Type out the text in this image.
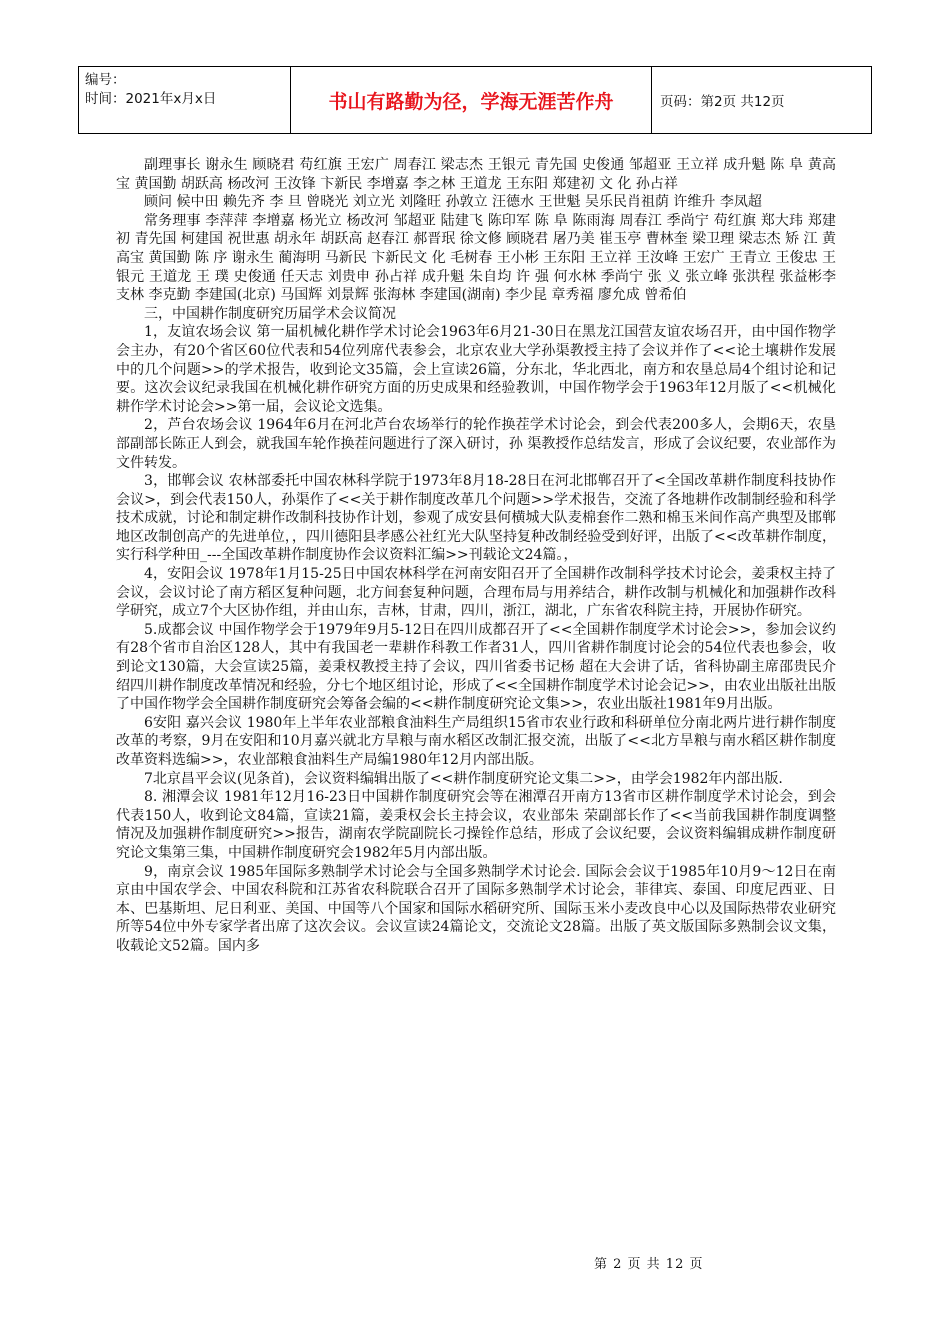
编号：
时间：2021年x月x日	书山有路勤为径，学海无涯苦作舟	页码：第2页 共12页

副理事长 谢永生 顾晓君 苟红旗 王宏广 周春江 梁志杰 王银元 青先国 史俊通 邹超亚 王立祥 成升魁 陈 阜 黄高宝 黄国勤 胡跃高 杨改河 王汝锋 卞新民 李增嘉 李之林 王道龙 王东阳 郑建初 文 化 孙占祥

顾问 候中田 赖先齐 李 旦 曾晓光 刘立光 刘隆旺 孙敦立 汪德水 王世魁 吴乐民肖祖荫 许维升 李凤超

常务理事 李萍萍 李增嘉 杨光立 杨改河 邹超亚 陆建飞 陈印军 陈 阜 陈雨海 周春江 季尚宁 苟红旗 郑大玮 郑建初 青先国 柯建国 祝世惠 胡永年 胡跃高 赵春江 郝晋珉 徐文修 顾晓君 屠乃美 崔玉亭 曹林奎 梁卫理 梁志杰 矫 江 黄高宝 黄国勤 陈 序 谢永生 蔺海明 马新民 卞新民文 化 毛树春 王小彬 王东阳 王立祥 王汝峰 王宏广 王青立 王俊忠 王银元 王道龙 王 璞 史俊通 任天志 刘贵申 孙占祥 成升魁 朱自均 许 强 何水林 季尚宁 张 义 张立峰 张洪程 张益彬李支林 李克勤 李建国(北京) 马国辉 刘景辉 张海林 李建国(湖南) 李少昆 章秀福 廖允成 曾希伯

三，中国耕作制度研究历届学术会议简况

1，友谊农场会议 第一届机械化耕作学术讨论会1963年6月21-30日在黑龙江国营友谊农场召开，由中国作物学会主办，有20个省区60位代表和54位列席代表参会，北京农业大学孙渠教授主持了会议并作了<<论土壤耕作发展中的几个问题>>的学术报告，收到论文35篇，会上宣读26篇，分东北，华北西北，南方和农垦总局4个组讨论和记要。这次会议纪录我国在机械化耕作研究方面的历史成果和经验教训，中国作物学会于1963年12月版了<<机械化耕作学术讨论会>>第一届，会议论文选集。

2，芦台农场会议 1964年6月在河北芦台农场举行的轮作换茬学术讨论会，到会代表200多人，会期6天，农垦部副部长陈正人到会，就我国车轮作换茬问题进行了深入研讨，孙 渠教授作总结发言，形成了会议纪要，农业部作为文件转发。

3，邯郸会议 农林部委托中国农林科学院于1973年8月18-28日在河北邯郸召开了<全国改革耕作制度科技协作会议>，到会代表150人，孙渠作了<<关于耕作制度改革几个问题>>学术报告，交流了各地耕作改制制经验和科学技术成就，讨论和制定耕作改制科技协作计划，参观了成安县何横城大队麦棉套作二熟和棉玉米间作高产典型及邯郸地区改制创高产的先进单位，，四川德阳县孝感公社红光大队坚持复种改制经验受到好评，出版了<<改革耕作制度，实行科学种田_---全国改革耕作制度协作会议资料汇编>>刊载论文24篇。，

4，安阳会议 1978年1月15-25日中国农林科学在河南安阳召开了全国耕作改制科学技术讨论会，姜秉权主持了会议，会议讨论了南方稻区复种问题，北方间套复种问题，合理布局与用养结合，耕作改制与机械化和加强耕作改科学研究，成立7个大区协作组，并由山东，吉林，甘肃，四川，浙江，湖北，广东省农科院主持，开展协作研究。

5.成都会议 中国作物学会于1979年9月5-12日在四川成都召开了<<全国耕作制度学术讨论会>>，参加会议约有28个省市自治区128人，其中有我国老一辈耕作科教工作者31人，四川省耕作制度讨论会的54位代表也参会，收到论文130篇，大会宣读25篇，姜秉权教授主持了会议，四川省委书记杨 超在大会讲了话，省科协副主席邵贵民介绍四川耕作制度改革情况和经验，分七个地区组讨论，形成了<<全国耕作制度学术讨论会记>>，由农业出版社出版了中国作物学会全国耕作制度研究会筹备会编的<<耕作制度研究论文集>>，农业出版社1981年9月出版。

6安阳 嘉兴会议 1980年上半年农业部粮食油料生产局组织15省市农业行政和科研单位分南北两片进行耕作制度改革的考察，9月在安阳和10月嘉兴就北方旱粮与南水稻区改制汇报交流，出版了<<北方旱粮与南水稻区耕作制度改革资料选编>>，农业部粮食油料生产局编1980年12月内部出版。

7北京昌平会议(见条首)，会议资料编辑出版了<<耕作制度研究论文集二>>，由学会1982年内部出版.

8. 湘潭会议 1981年12月16-23日中国耕作制度研究会等在湘潭召开南方13省市区耕作制度学术讨论会，到会代表150人，收到论文84篇，宣读21篇，姜秉权会长主持会议，农业部朱 荣副部长作了<<当前我国耕作制度调整情况及加强耕作制度研究>>报告，湖南农学院副院长刁操铨作总结，形成了会议纪要，会议资料编辑成耕作制度研究论文集第三集，中国耕作制度研究会1982年5月内部出版。

9，南京会议 1985年国际多熟制学术讨论会与全国多熟制学术讨论会. 国际会会议于1985年10月9～12日在南京由中国农学会、中国农科院和江苏省农科院联合召开了国际多熟制学术讨论会，菲律宾、泰国、印度尼西亚、日本、巴基斯坦、尼日利亚、美国、中国等八个国家和国际水稻研究所、国际玉米小麦改良中心以及国际热带农业研究所等54位中外专家学者出席了这次会议。会议宣读24篇论文，交流论文28篇。出版了英文版国际多熟制会议文集，收载论文52篇。国内多

第 2 页 共 12 页
